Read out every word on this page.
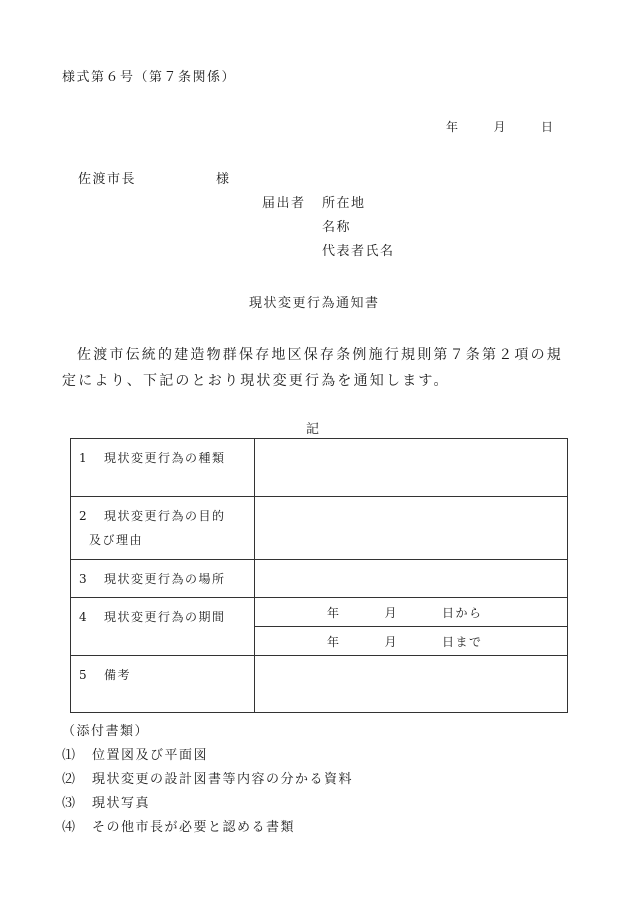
様式第６号（第７条関係）
年	月	日
佐渡市長	様
届出者 所在地
名称
代表者氏名
現状変更行為通知書
佐渡市伝統的建造物群保存地区保存条例施行規則第７条第２項の規定により、下記のとおり現状変更行為を通知します。
記
1 現状変更行為の種類	
2 現状変更行為の目的
及び理由	
3 現状変更行為の場所	
4 現状変更行為の期間	年 月 日から
	年 月 日まで
5 備考	
（添付書類）
⑴ 位置図及び平面図
⑵ 現状変更の設計図書等内容の分かる資料
⑶ 現状写真
⑷ その他市長が必要と認める書類
